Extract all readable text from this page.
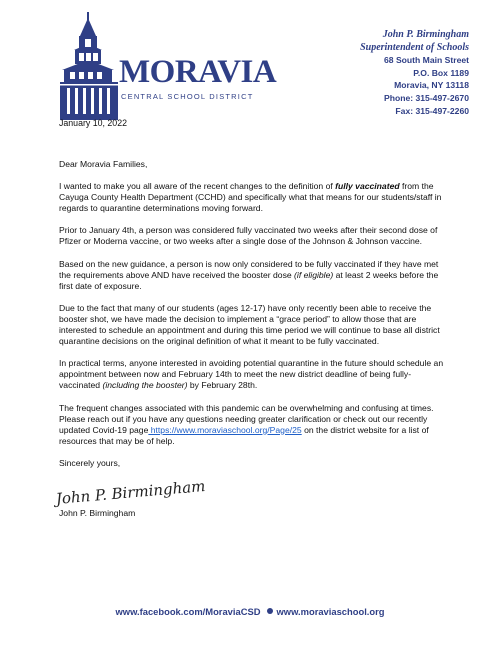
MORAVIA
CENTRAL SCHOOL DISTRICT
John P. Birmingham
Superintendent of Schools
68 South Main Street
P.O. Box 1189
Moravia, NY 13118
Phone: 315-497-2670
Fax: 315-497-2260
January 10, 2022

Dear Moravia Families,

I wanted to make you all aware of the recent changes to the definition of fully vaccinated from the Cayuga County Health Department (CCHD) and specifically what that means for our students/staff in regards to quarantine determinations moving forward.

Prior to January 4th, a person was considered fully vaccinated two weeks after their second dose of Pfizer or Moderna vaccine, or two weeks after a single dose of the Johnson & Johnson vaccine.

Based on the new guidance, a person is now only considered to be fully vaccinated if they have met the requirements above AND have received the booster dose (if eligible) at least 2 weeks before the first date of exposure.

Due to the fact that many of our students (ages 12-17) have only recently been able to receive the booster shot, we have made the decision to implement a “grace period” to allow those that are interested to schedule an appointment and during this time period we will continue to base all district quarantine decisions on the original definition of what it meant to be fully vaccinated.

In practical terms, anyone interested in avoiding potential quarantine in the future should schedule an appointment between now and February 14th to meet the new district deadline of being fully-vaccinated (including the booster) by February 28th.

The frequent changes associated with this pandemic can be overwhelming and confusing at times. Please reach out if you have any questions needing greater clarification or check out our recently updated Covid-19 page https://www.moraviaschool.org/Page/25 on the district website for a list of resources that may be of help.

Sincerely yours,

John P. Birmingham
John P. Birmingham
www.facebook.com/MoraviaCSD www.moraviaschool.org
